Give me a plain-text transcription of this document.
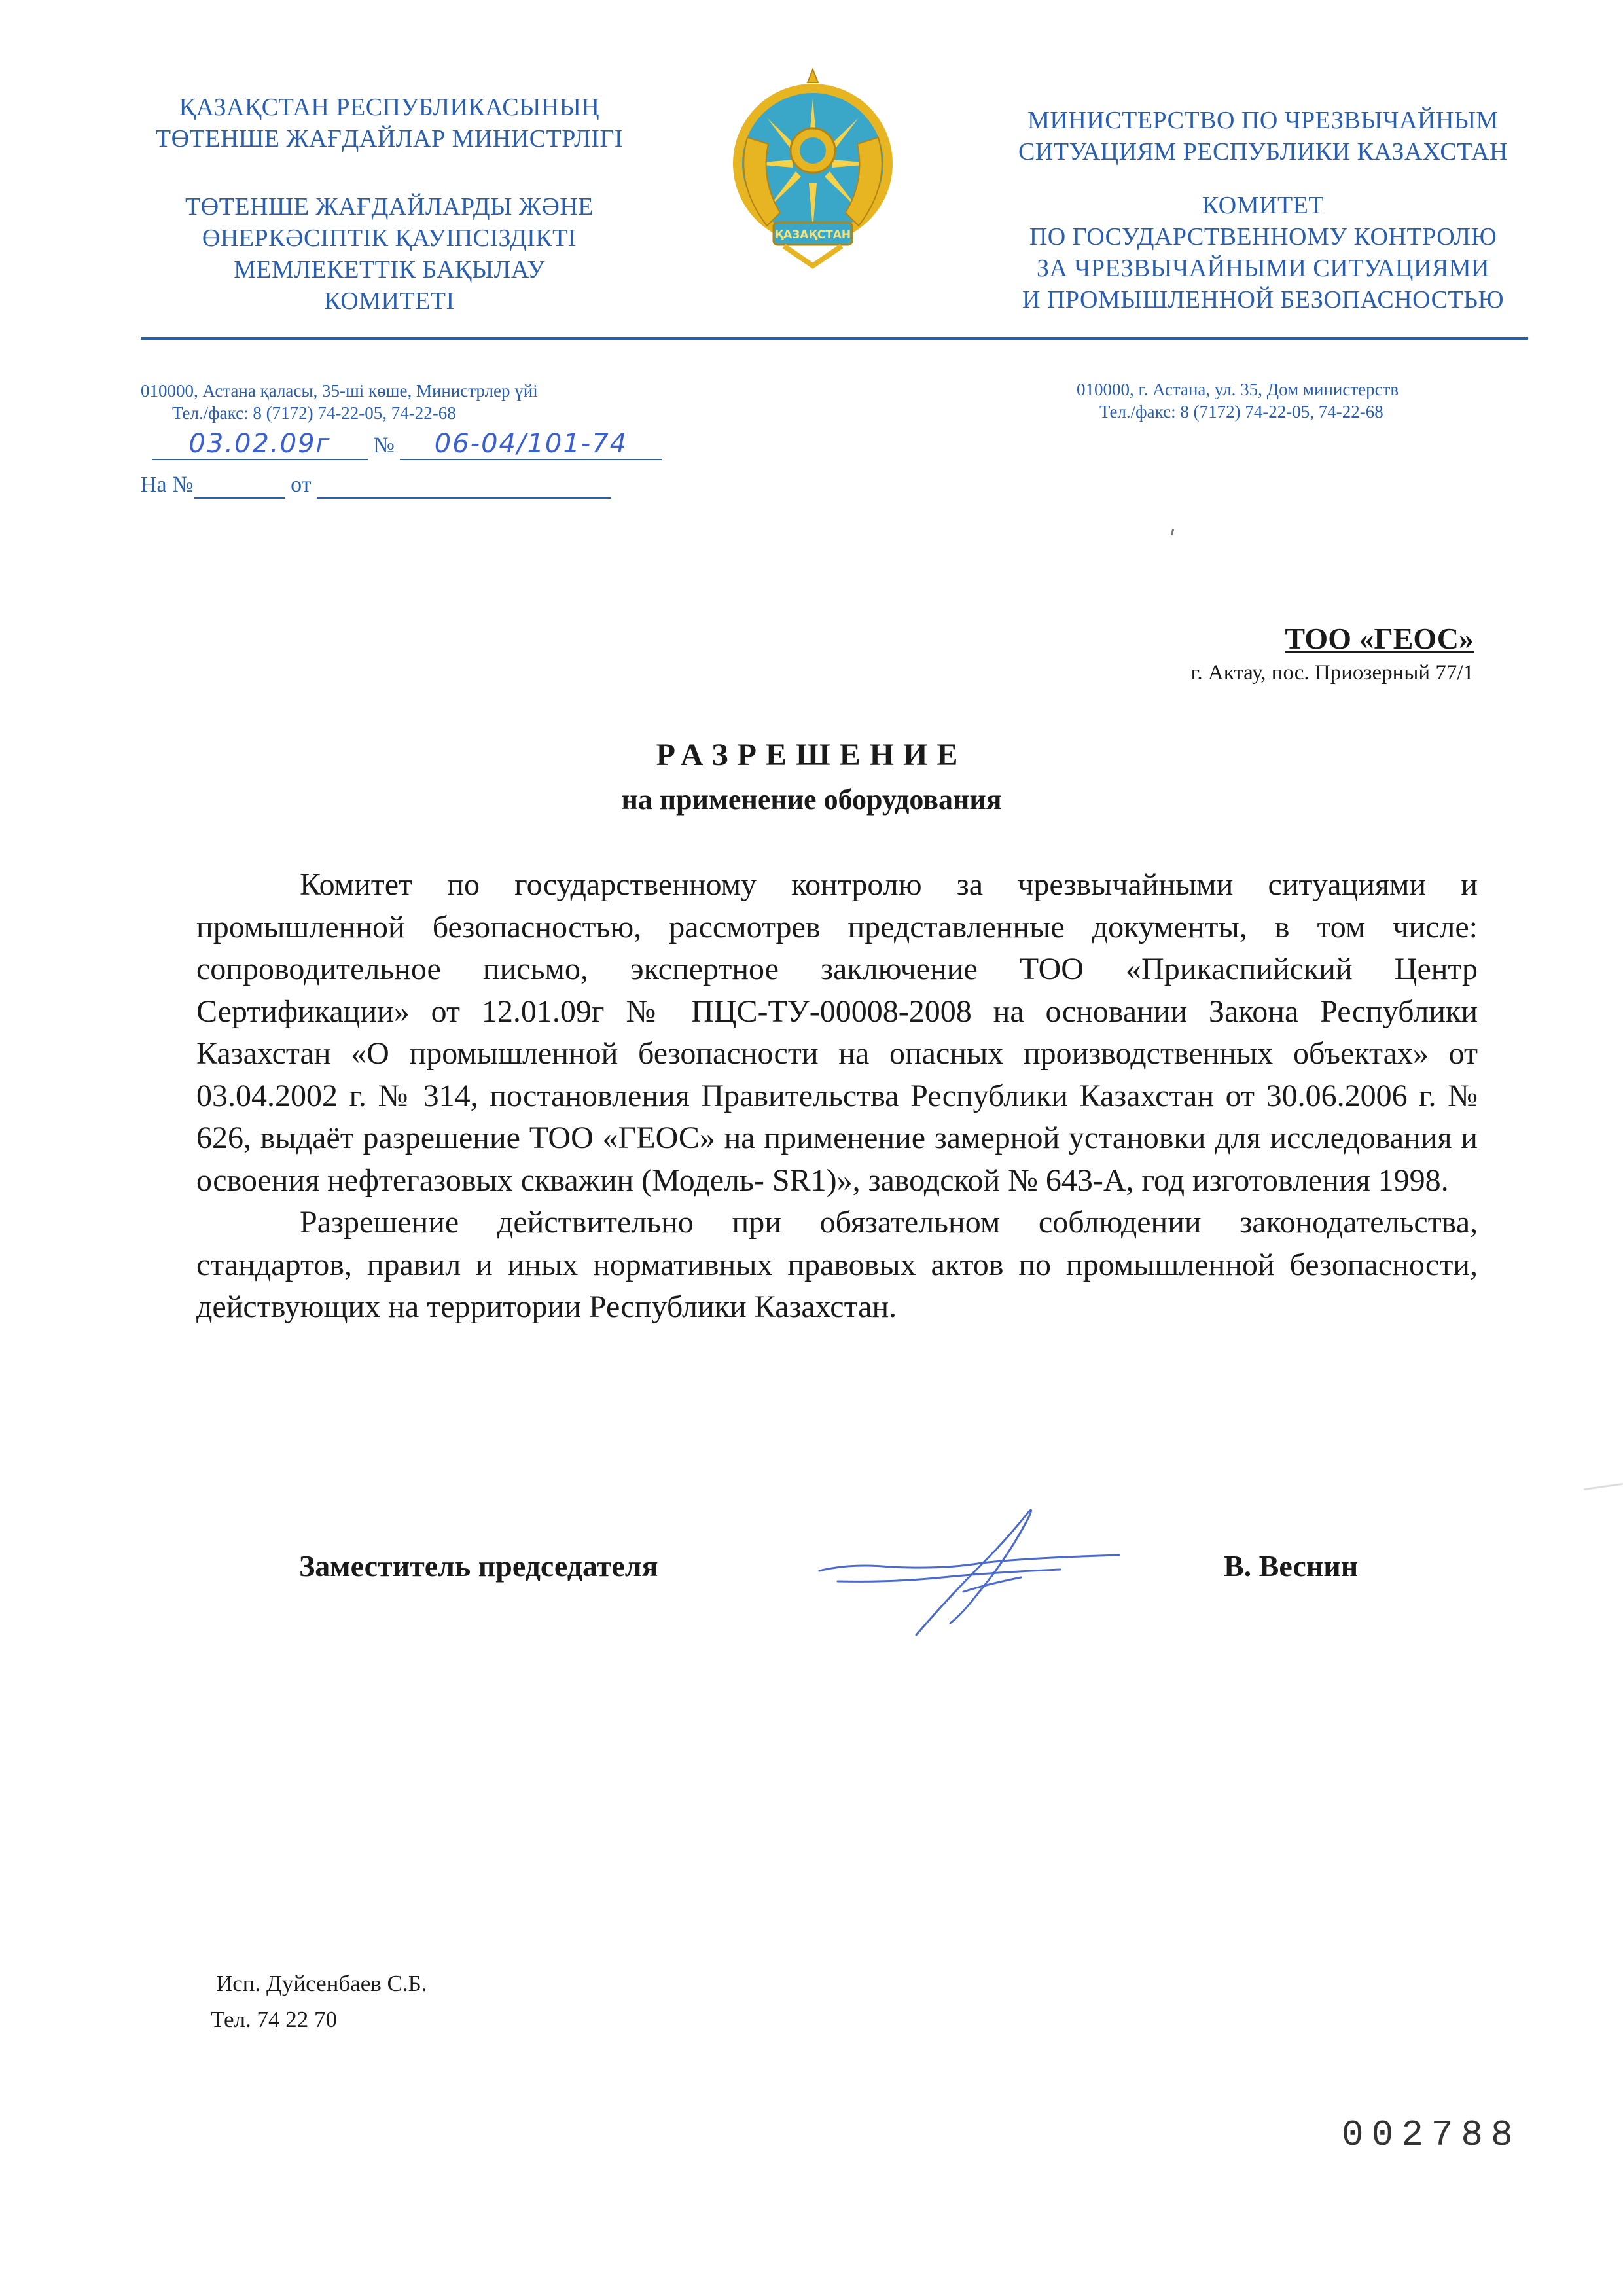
ҚАЗАҚСТАН РЕСПУБЛИКАСЫНЫҢ
ТӨТЕНШЕ ЖАҒДАЙЛАР МИНИСТРЛІГІ
ТӨТЕНШЕ ЖАҒДАЙЛАРДЫ ЖӘНЕ
ӨНЕРКӘСІПТІК ҚАУІПСІЗДІКТІ
МЕМЛЕКЕТТІК БАҚЫЛАУ
КОМИТЕТІ
ҚАЗАҚСТАН
МИНИСТЕРСТВО ПО ЧРЕЗВЫЧАЙНЫМ
СИТУАЦИЯМ РЕСПУБЛИКИ КАЗАХСТАН
КОМИТЕТ
ПО ГОСУДАРСТВЕННОМУ КОНТРОЛЮ
ЗА ЧРЕЗВЫЧАЙНЫМИ СИТУАЦИЯМИ
И ПРОМЫШЛЕННОЙ БЕЗОПАСНОСТЬЮ
010000, Астана қаласы, 35-ші көше, Министрлер үйі
Тел./факс: 8 (7172) 74-22-05, 74-22-68
010000, г. Астана, ул. 35, Дом министерств
Тел./факс: 8 (7172) 74-22-05, 74-22-68
03.02.09г № 06-04/101-74
На №	от
ТОО «ГЕОС»
г. Актау, пос. Приозерный 77/1
РАЗРЕШЕНИЕ
на применение оборудования

Комитет по государственному контролю за чрезвычайными ситуациями и промышленной безопасностью, рассмотрев представленные документы, в том числе: сопроводительное письмо, экспертное заключение ТОО «Прикаспийский Центр Сертификации» от 12.01.09г № ПЦС-ТУ-00008-2008 на основании Закона Республики Казахстан «О промышленной безопасности на опасных производственных объектах» от 03.04.2002 г. № 314, постановления Правительства Республики Казахстан от 30.06.2006 г. № 626, выдаёт разрешение ТОО «ГЕОС» на применение замерной установки для исследования и освоения нефтегазовых скважин (Модель- SR1)», заводской № 643-А, год изготовления 1998.

Разрешение действительно при обязательном соблюдении законодательства, стандартов, правил и иных нормативных правовых актов по промышленной безопасности, действующих на территории Республики Казахстан.

Заместитель председателя	В. Веснин
Исп. Дуйсенбаев С.Б.
Тел. 74 22 70
002788
